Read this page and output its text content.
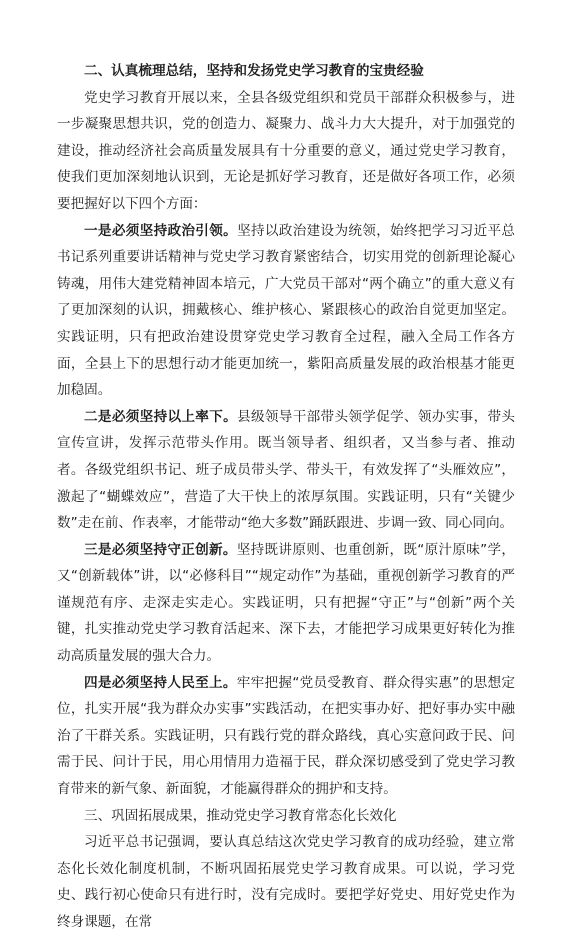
二、认真梳理总结，坚持和发扬党史学习教育的宝贵经验

党史学习教育开展以来，全县各级党组织和党员干部群众积极参与，进一步凝聚思想共识，党的创造力、凝聚力、战斗力大大提升，对于加强党的建设，推动经济社会高质量发展具有十分重要的意义，通过党史学习教育，使我们更加深刻地认识到，无论是抓好学习教育，还是做好各项工作，必须要把握好以下四个方面：

一是必须坚持政治引领。坚持以政治建设为统领，始终把学习习近平总书记系列重要讲话精神与党史学习教育紧密结合，切实用党的创新理论凝心铸魂，用伟大建党精神固本培元，广大党员干部对“两个确立”的重大意义有了更加深刻的认识，拥戴核心、维护核心、紧跟核心的政治自觉更加坚定。实践证明，只有把政治建设贯穿党史学习教育全过程，融入全局工作各方面，全县上下的思想行动才能更加统一，紫阳高质量发展的政治根基才能更加稳固。

二是必须坚持以上率下。县级领导干部带头领学促学、领办实事，带头宣传宣讲，发挥示范带头作用。既当领导者、组织者，又当参与者、推动者。各级党组织书记、班子成员带头学、带头干，有效发挥了“头雁效应”，激起了“蝴蝶效应”，营造了大干快上的浓厚氛围。实践证明，只有“关键少数”走在前、作表率，才能带动“绝大多数”踊跃跟进、步调一致、同心同向。

三是必须坚持守正创新。坚持既讲原则、也重创新，既“原汁原味”学，又“创新载体”讲，以“必修科目”“规定动作”为基础，重视创新学习教育的严谨规范有序、走深走实走心。实践证明，只有把握“守正”与“创新”两个关键，扎实推动党史学习教育活起来、深下去，才能把学习成果更好转化为推动高质量发展的强大合力。

四是必须坚持人民至上。牢牢把握“党员受教育、群众得实惠”的思想定位，扎实开展“我为群众办实事”实践活动，在把实事办好、把好事办实中融治了干群关系。实践证明，只有践行党的群众路线，真心实意问政于民、问需于民、问计于民，用心用情用力造福于民，群众深切感受到了党史学习教育带来的新气象、新面貌，才能赢得群众的拥护和支持。

三、巩固拓展成果，推动党史学习教育常态化长效化

习近平总书记强调，要认真总结这次党史学习教育的成功经验，建立常态化长效化制度机制，不断巩固拓展党史学习教育成果。可以说，学习党史、践行初心使命只有进行时，没有完成时。要把学好党史、用好党史作为终身课题，在常
